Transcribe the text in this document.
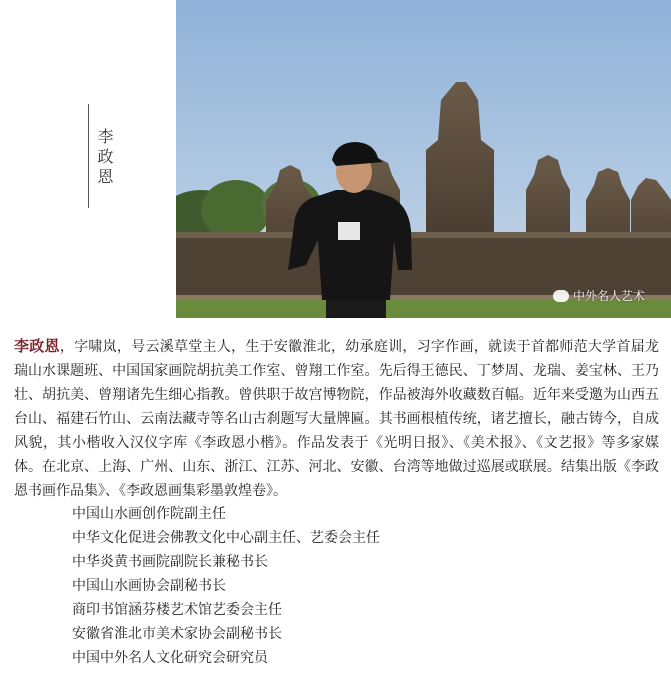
李政恩
中外名人艺术
李政恩，字啸岚，号云溪草堂主人，生于安徽淮北，幼承庭训，习字作画，就读于首都师范大学首届龙瑞山水课题班、中国国家画院胡抗美工作室、曾翔工作室。先后得王德民、丁梦周、龙瑞、姜宝林、王乃壮、胡抗美、曾翔诸先生细心指教。曾供职于故宫博物院，作品被海外收藏数百幅。近年来受邀为山西五台山、福建石竹山、云南法藏寺等名山古刹题写大量牌匾。其书画根植传统，诸艺擅长，融古铸今，自成风貌，其小楷收入汉仪字库《李政恩小楷》。作品发表于《光明日报》、《美术报》、《文艺报》等多家媒体。在北京、上海、广州、山东、浙江、江苏、河北、安徽、台湾等地做过巡展或联展。结集出版《李政恩书画作品集》、《李政恩画集彩墨敦煌卷》。
中国山水画创作院副主任
中华文化促进会佛教文化中心副主任、艺委会主任
中华炎黄书画院副院长兼秘书长
中国山水画协会副秘书长
商印书馆涵芬楼艺术馆艺委会主任
安徽省淮北市美术家协会副秘书长
中国中外名人文化研究会研究员
